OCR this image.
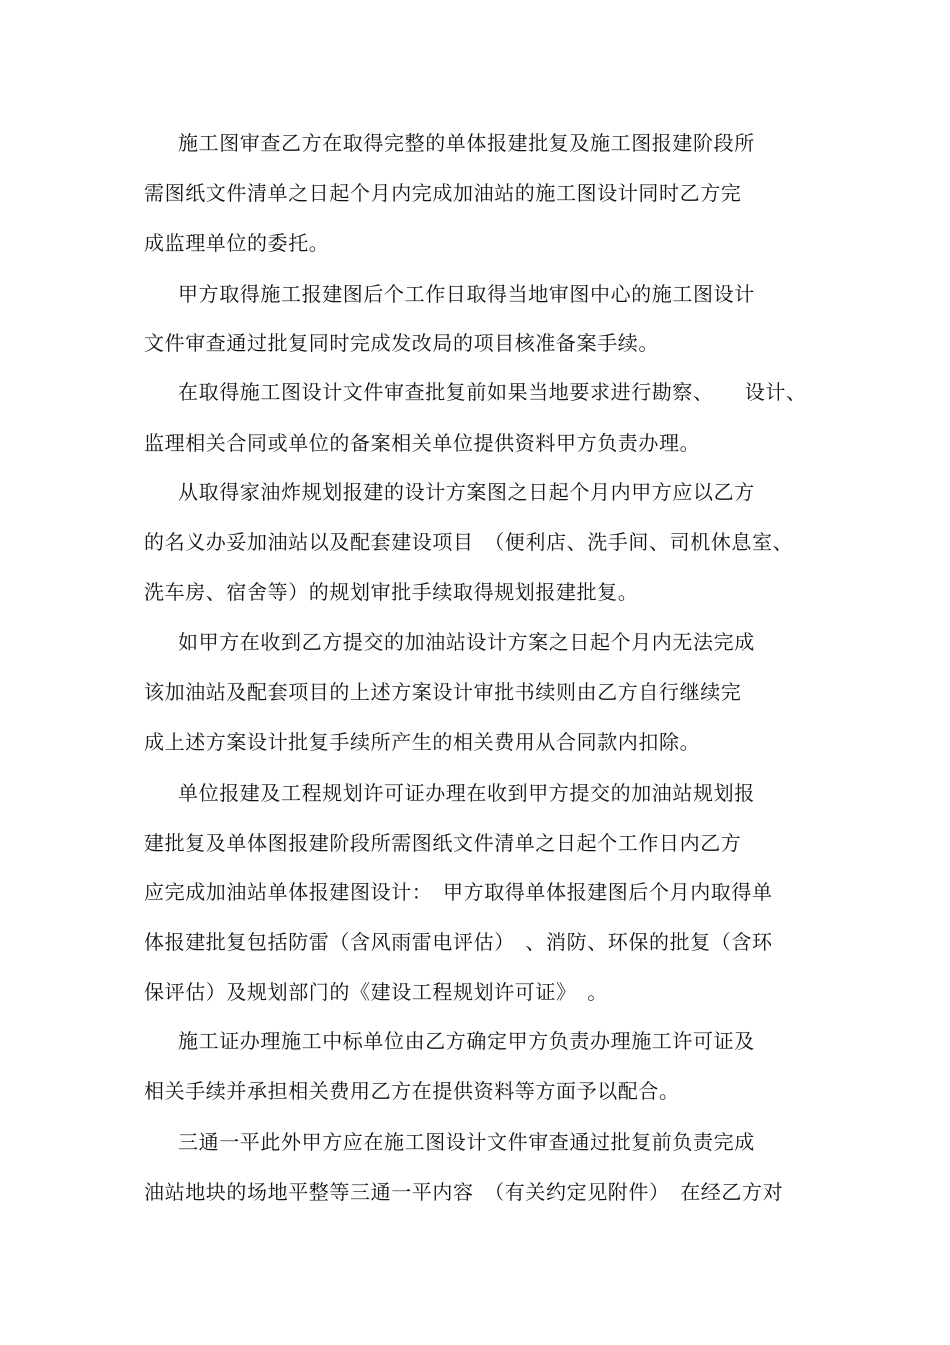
施工图审查乙方在取得完整的单体报建批复及施工图报建阶段所
需图纸文件清单之日起个月内完成加油站的施工图设计同时乙方完
成监理单位的委托。
甲方取得施工报建图后个工作日取得当地审图中心的施工图设计
文件审查通过批复同时完成发改局的项目核准备案手续。
在取得施工图设计文件审查批复前如果当地要求进行勘察、　　设计、
监理相关合同或单位的备案相关单位提供资料甲方负责办理。
从取得家油炸规划报建的设计方案图之日起个月内甲方应以乙方
的名义办妥加油站以及配套建设项目　（便利店、洗手间、司机休息室、
洗车房、宿舍等）的规划审批手续取得规划报建批复。
如甲方在收到乙方提交的加油站设计方案之日起个月内无法完成
该加油站及配套项目的上述方案设计审批书续则由乙方自行继续完
成上述方案设计批复手续所产生的相关费用从合同款内扣除。
单位报建及工程规划许可证办理在收到甲方提交的加油站规划报
建批复及单体图报建阶段所需图纸文件清单之日起个工作日内乙方
应完成加油站单体报建图设计：　甲方取得单体报建图后个月内取得单
体报建批复包括防雷（含风雨雷电评估）　、消防、环保的批复（含环
保评估）及规划部门的《建设工程规划许可证》　。
施工证办理施工中标单位由乙方确定甲方负责办理施工许可证及
相关手续并承担相关费用乙方在提供资料等方面予以配合。
三通一平此外甲方应在施工图设计文件审查通过批复前负责完成
油站地块的场地平整等三通一平内容　（有关约定见附件）　在经乙方对
